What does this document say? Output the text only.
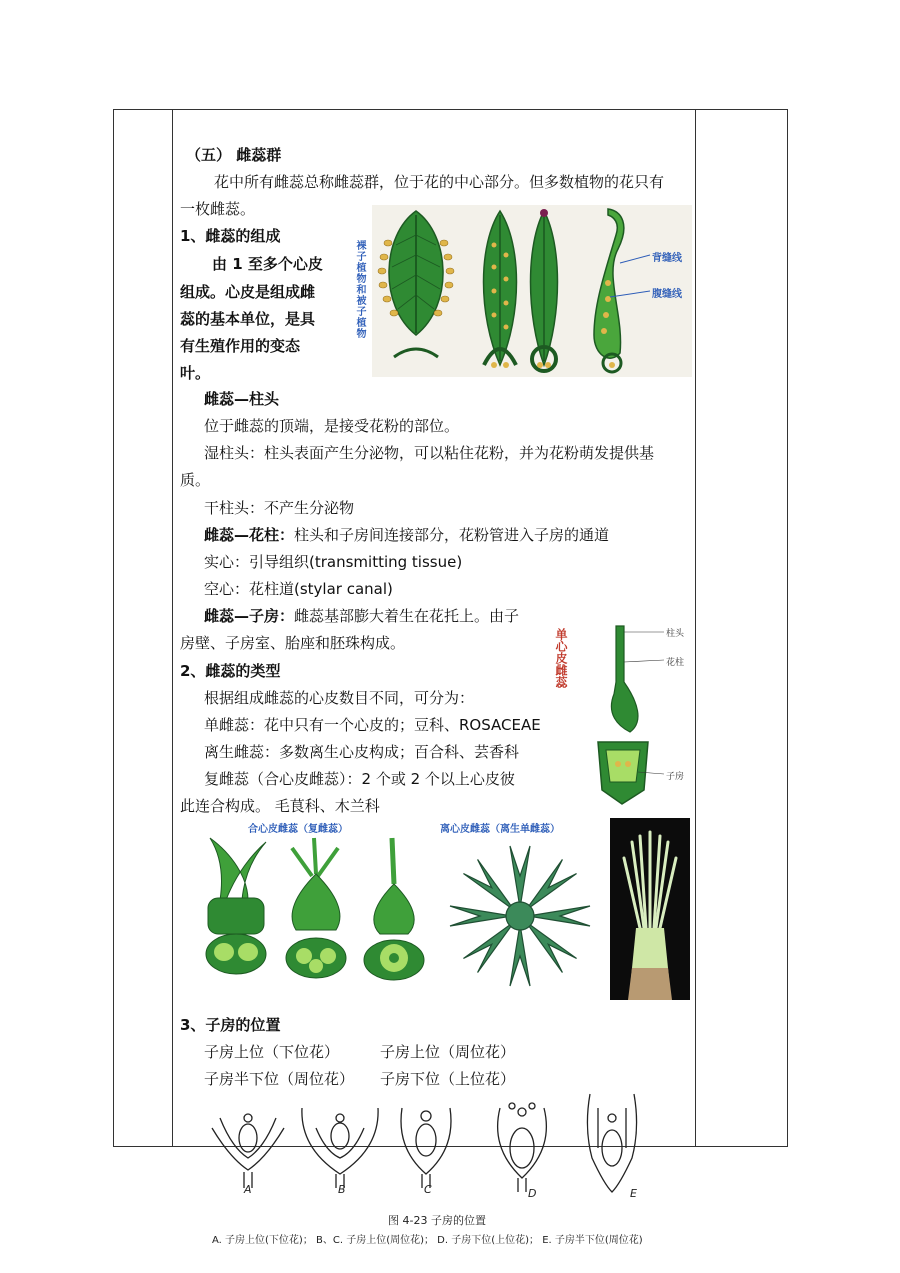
（五） 雌蕊群
花中所有雌蕊总称雌蕊群，位于花的中心部分。但多数植物的花只有
一枚雌蕊。
1、雌蕊的组成
由 1 至多个心皮
组成。心皮是组成雌
蕊的基本单位，是具
有生殖作用的变态
叶。
裸子植物和被子植物	背缝线
腹缝线
雌蕊—柱头
位于雌蕊的顶端，是接受花粉的部位。
湿柱头：柱头表面产生分泌物，可以粘住花粉，并为花粉萌发提供基
质。
干柱头：不产生分泌物
雌蕊—花柱：柱头和子房间连接部分，花粉管进入子房的通道
实心：引导组织(transmitting tissue)
空心：花柱道(stylar canal)
雌蕊—子房：雌蕊基部膨大着生在花托上。由子
房壁、子房室、胎座和胚珠构成。
2、雌蕊的类型
根据组成雌蕊的心皮数目不同，可分为：
单雌蕊：花中只有一个心皮的；豆科、ROSACEAE
离生雌蕊：多数离生心皮构成；百合科、芸香科
复雌蕊（合心皮雌蕊）：2 个或 2 个以上心皮彼
此连合构成。 毛茛科、木兰科
单心皮雌蕊	柱头
花柱
子房
合心皮雌蕊（复雌蕊）	离心皮雌蕊（离生单雌蕊）
3、子房的位置
子房上位（下位花）	子房上位（周位花）
子房半下位（周位花） 子房下位（上位花）
A	B	C	D	E
图 4-23 子房的位置
A. 子房上位(下位花)； B、C. 子房上位(周位花)； D. 子房下位(上位花)； E. 子房半下位(周位花)
